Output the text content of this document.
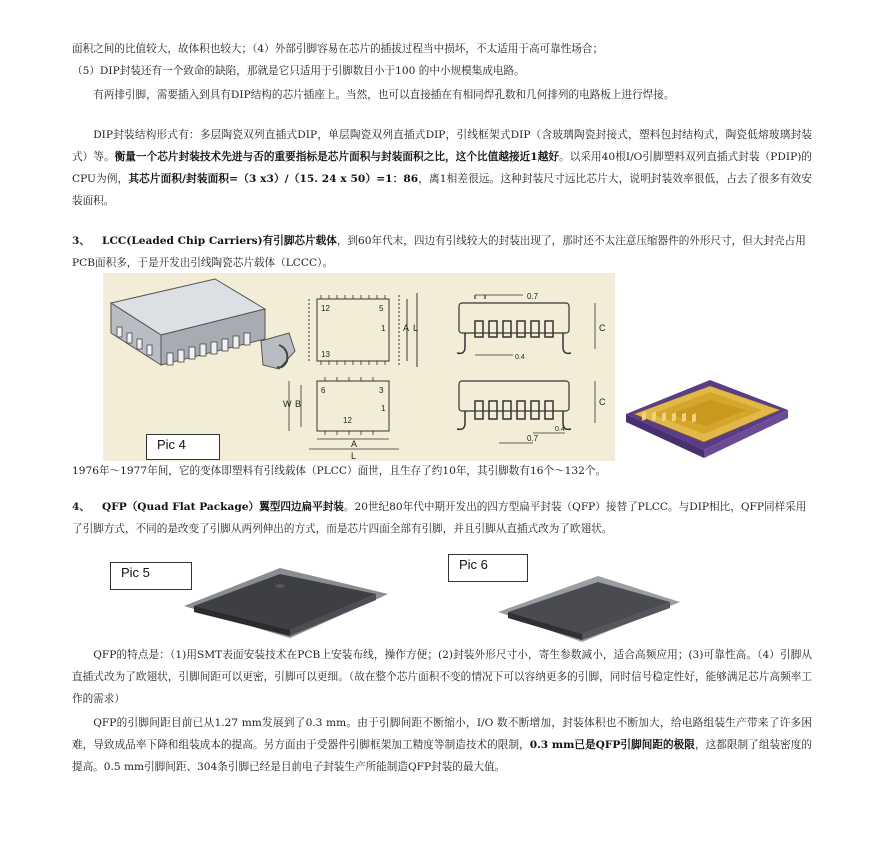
面积之间的比值较大，故体积也较大；（4）外部引脚容易在芯片的插拔过程当中损坏，不太适用于高可靠性场合；
（5）DIP封装还有一个致命的缺陷，那就是它只适用于引脚数目小于100 的中小规模集成电路。

有两排引脚，需要插入到具有DIP结构的芯片插座上。当然，也可以直接插在有相同焊孔数和几何排列的电路板上进行焊接。

DIP封装结构形式有：多层陶瓷双列直插式DIP，单层陶瓷双列直插式DIP，引线框架式DIP（含玻璃陶瓷封接式，塑料包封结构式，陶瓷低熔玻璃封装式）等。衡量一个芯片封装技术先进与否的重要指标是芯片面积与封装面积之比，这个比值越接近1越好。以采用40根I/O引脚塑料双列直插式封装（PDIP)的CPU为例，其芯片面积/封装面积=（3 x3）/（15. 24 x 50）=1：86，离1相差很远。这种封装尺寸远比芯片大，说明封装效率很低，占去了很多有效安装面积。

3、 LCC(Leaded Chip Carriers)有引脚芯片载体，到60年代末，四边有引线较大的封装出现了，那时还不太注意压缩器件的外形尺寸，但大封壳占用PCB面积多，于是开发出引线陶瓷芯片载体（LCCC）。

12	5
1
13
A L
0.7
C
0.4
6	3
1
12
W B
A
L
C
0.4
0.7
Pic 4

1976年～1977年间，它的变体即塑料有引线载体（PLCC）面世，且生存了约10年，其引脚数有16个～132个。

4、 QFP（Quad Flat Package）翼型四边扁平封装。20世纪80年代中期开发出的四方型扁平封装（QFP）接替了PLCC。与DIP相比，QFP同样采用了引脚方式，不同的是改变了引脚从两列伸出的方式，而是芯片四面全部有引脚，并且引脚从直插式改为了欧翅状。

Pic 5
Pic 6

QFP的特点是：（1)用SMT表面安装技术在PCB上安装布线，操作方便；(2)封装外形尺寸小，寄生参数减小，适合高频应用；(3)可靠性高。（4）引脚从直插式改为了欧翅状，引脚间距可以更密，引脚可以更细。（故在整个芯片面积不变的情况下可以容纳更多的引脚，同时信号稳定性好，能够满足芯片高频率工作的需求）

QFP的引脚间距目前已从1.27 mm发展到了0.3 mm。由于引脚间距不断缩小，I/O 数不断增加，封装体积也不断加大，给电路组装生产带来了许多困难，导致成品率下降和组装成本的提高。另方面由于受器件引脚框架加工精度等制造技术的限制，0.3 mm已是QFP引脚间距的极限，这都限制了组装密度的提高。0.5 mm引脚间距、304条引脚已经是目前电子封装生产所能制造QFP封装的最大值。
